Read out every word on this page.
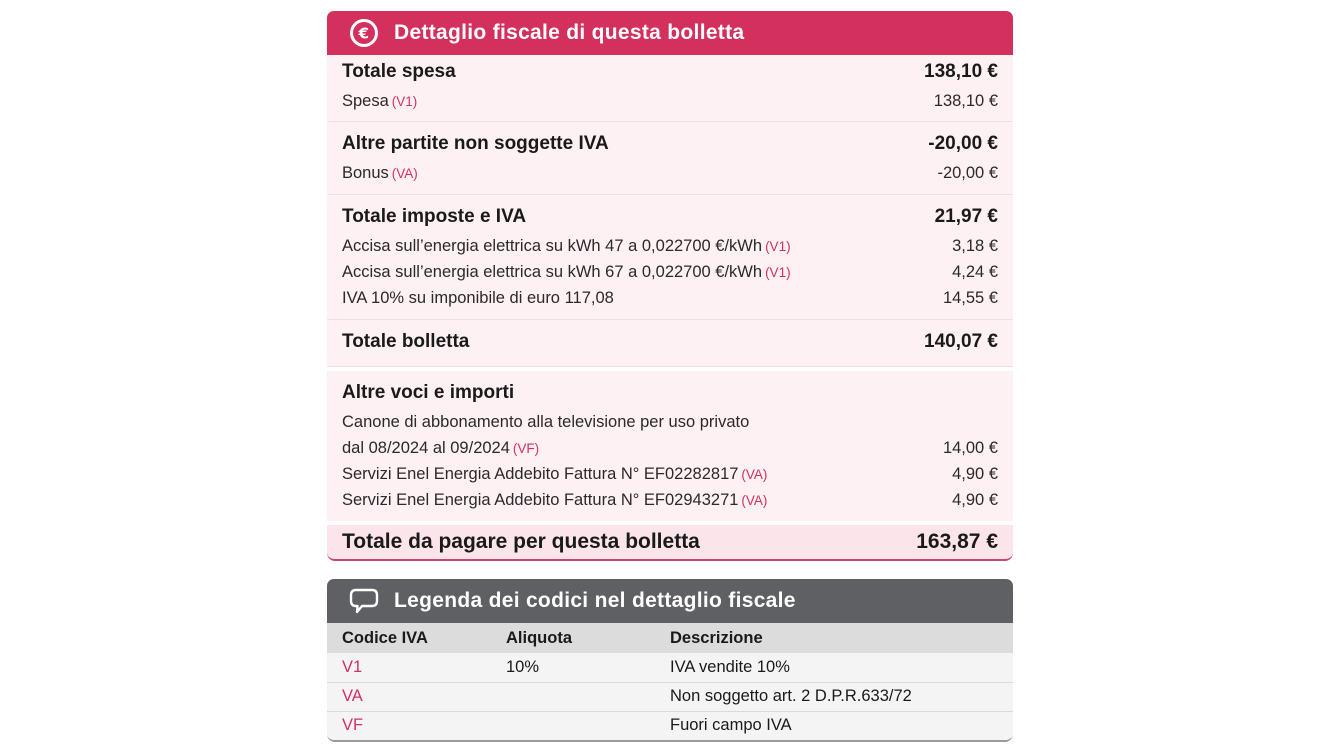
€ Dettaglio fiscale di questa bolletta
Totale spesa	138,10 €
Spesa (V1)	138,10 €
Altre partite non soggette IVA	-20,00 €
Bonus (VA)	-20,00 €
Totale imposte e IVA	21,97 €
Accisa sull’energia elettrica su kWh 47 a 0,022700 €/kWh (V1)	3,18 €
Accisa sull’energia elettrica su kWh 67 a 0,022700 €/kWh (V1)	4,24 €
IVA 10% su imponibile di euro 117,08	14,55 €
Totale bolletta	140,07 €
Altre voci e importi
Canone di abbonamento alla televisione per uso privato
dal 08/2024 al 09/2024 (VF)	14,00 €
Servizi Enel Energia Addebito Fattura N° EF02282817 (VA)	4,90 €
Servizi Enel Energia Addebito Fattura N° EF02943271 (VA)	4,90 €
Totale da pagare per questa bolletta	163,87 €
Legenda dei codici nel dettaglio fiscale
Codice IVA	Aliquota	Descrizione
V1	10%	IVA vendite 10%
VA		Non soggetto art. 2 D.P.R.633/72
VF		Fuori campo IVA
